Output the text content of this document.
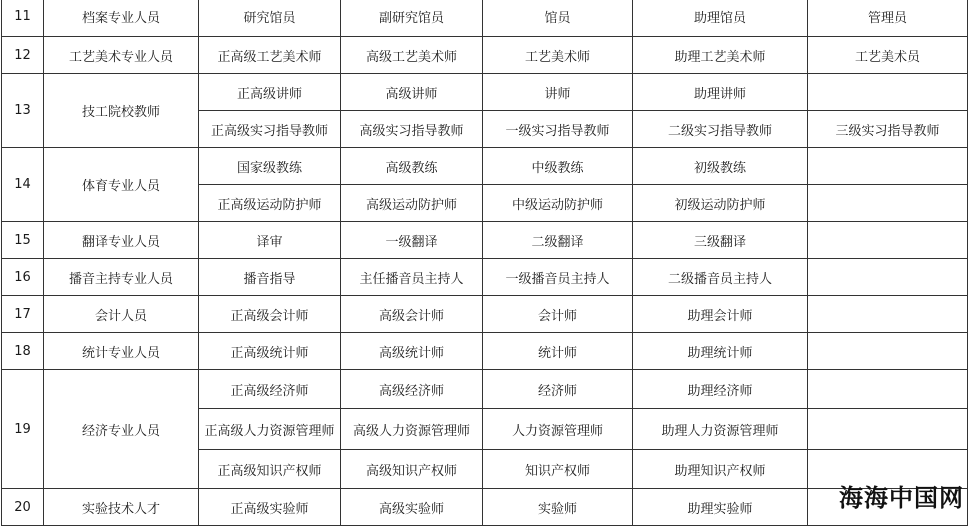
11	档案专业人员	研究馆员	副研究馆员	馆员	助理馆员	管理员
12	工艺美术专业人员	正高级工艺美术师	高级工艺美术师	工艺美术师	助理工艺美术师	工艺美术员
13	技工院校教师	正高级讲师	高级讲师	讲师	助理讲师	
		正高级实习指导教师	高级实习指导教师	一级实习指导教师	二级实习指导教师	三级实习指导教师
14	体育专业人员	国家级教练	高级教练	中级教练	初级教练	
		正高级运动防护师	高级运动防护师	中级运动防护师	初级运动防护师	
15	翻译专业人员	译审	一级翻译	二级翻译	三级翻译	
16	播音主持专业人员	播音指导	主任播音员主持人	一级播音员主持人	二级播音员主持人	
17	会计人员	正高级会计师	高级会计师	会计师	助理会计师	
18	统计专业人员	正高级统计师	高级统计师	统计师	助理统计师	
19	经济专业人员	正高级经济师	高级经济师	经济师	助理经济师	
		正高级人力资源管理师	高级人力资源管理师	人力资源管理师	助理人力资源管理师	
		正高级知识产权师	高级知识产权师	知识产权师	助理知识产权师	
20	实验技术人才	正高级实验师	高级实验师	实验师	助理实验师		海海中国网
